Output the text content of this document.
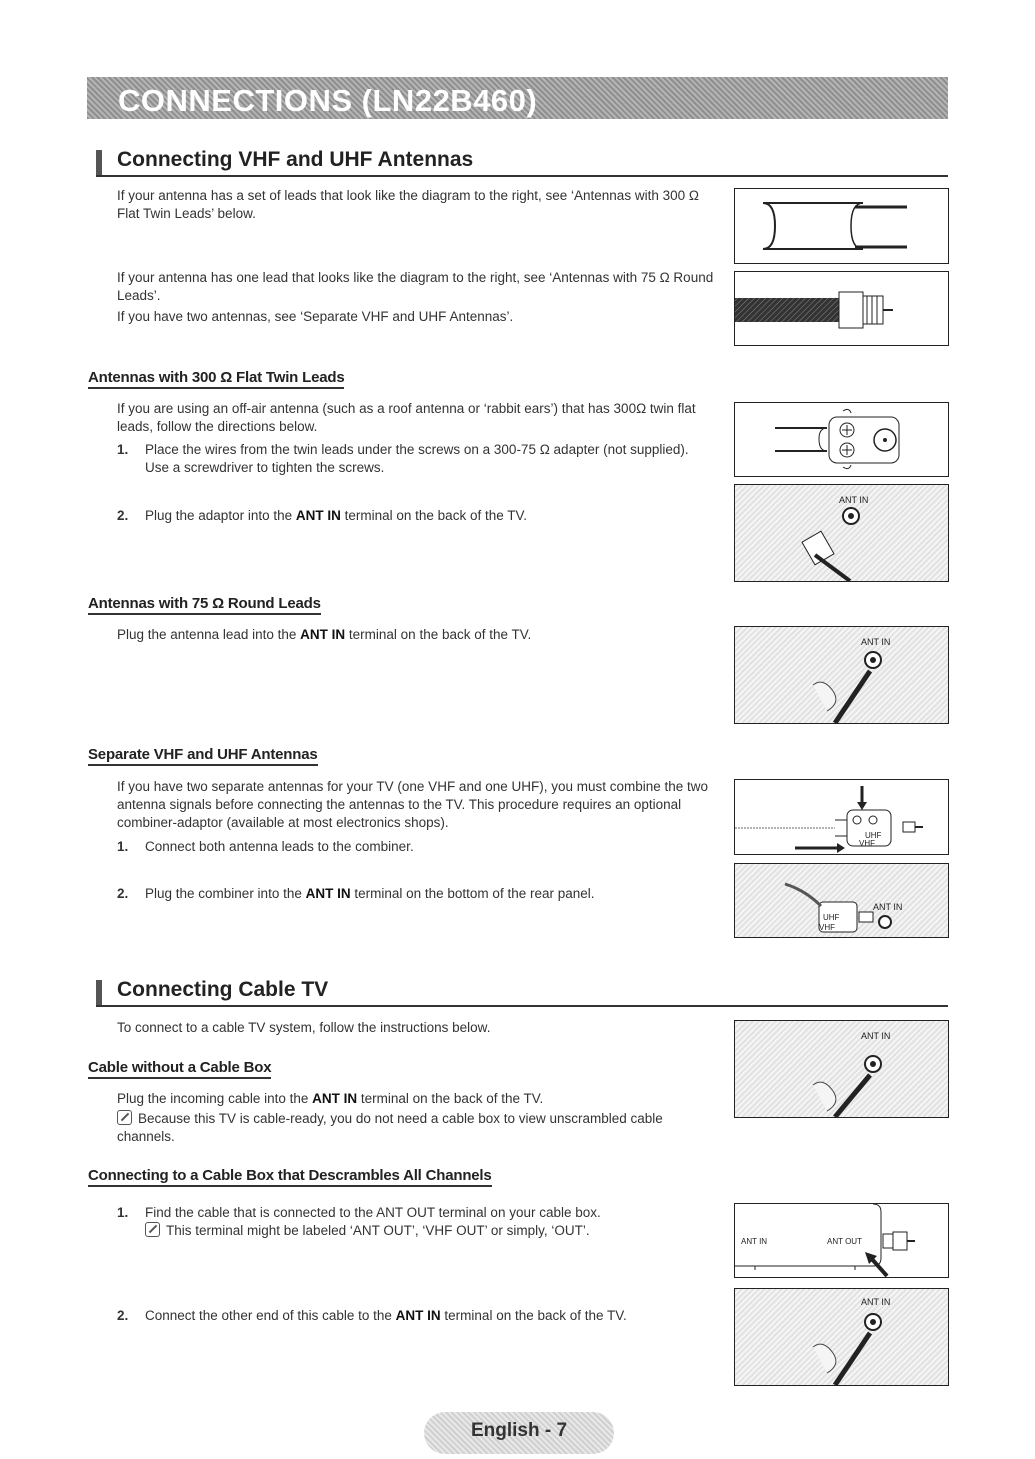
CONNECTIONS (LN22B460)
Connecting VHF and UHF Antennas
If your antenna has a set of leads that look like the diagram to the right, see ‘Antennas with 300 Ω Flat Twin Leads’ below.
If your antenna has one lead that looks like the diagram to the right, see ‘Antennas with 75 Ω Round Leads’.
If you have two antennas, see ‘Separate VHF and UHF Antennas’.
Antennas with 300 Ω Flat Twin Leads
If you are using an off-air antenna (such as a roof antenna or ‘rabbit ears’) that has 300Ω twin flat leads, follow the directions below.
1. Place the wires from the twin leads under the screws on a 300-75 Ω adapter (not supplied). Use a screwdriver to tighten the screws.
2. Plug the adaptor into the ANT IN terminal on the back of the TV.
ANT IN
Antennas with 75 Ω Round Leads
Plug the antenna lead into the ANT IN terminal on the back of the TV.	ANT IN
Separate VHF and UHF Antennas
If you have two separate antennas for your TV (one VHF and one UHF), you must combine the two antenna signals before connecting the antennas to the TV. This procedure requires an optional combiner-adaptor (available at most electronics shops).
1. Connect both antenna leads to the combiner.
2. Plug the combiner into the ANT IN terminal on the bottom of the rear panel.
UHF
VHF
UHF
VHF
ANT IN
Connecting Cable TV
To connect to a cable TV system, follow the instructions below.
Cable without a Cable Box
Plug the incoming cable into the ANT IN terminal on the back of the TV.
Because this TV is cable-ready, you do not need a cable box to view unscrambled cable channels.
ANT IN
Connecting to a Cable Box that Descrambles All Channels
1. Find the cable that is connected to the ANT OUT terminal on your cable box.
This terminal might be labeled ‘ANT OUT’, ‘VHF OUT’ or simply, ‘OUT’.
2. Connect the other end of this cable to the ANT IN terminal on the back of the TV.
ANT IN	ANT OUT
ANT IN
English - 7
